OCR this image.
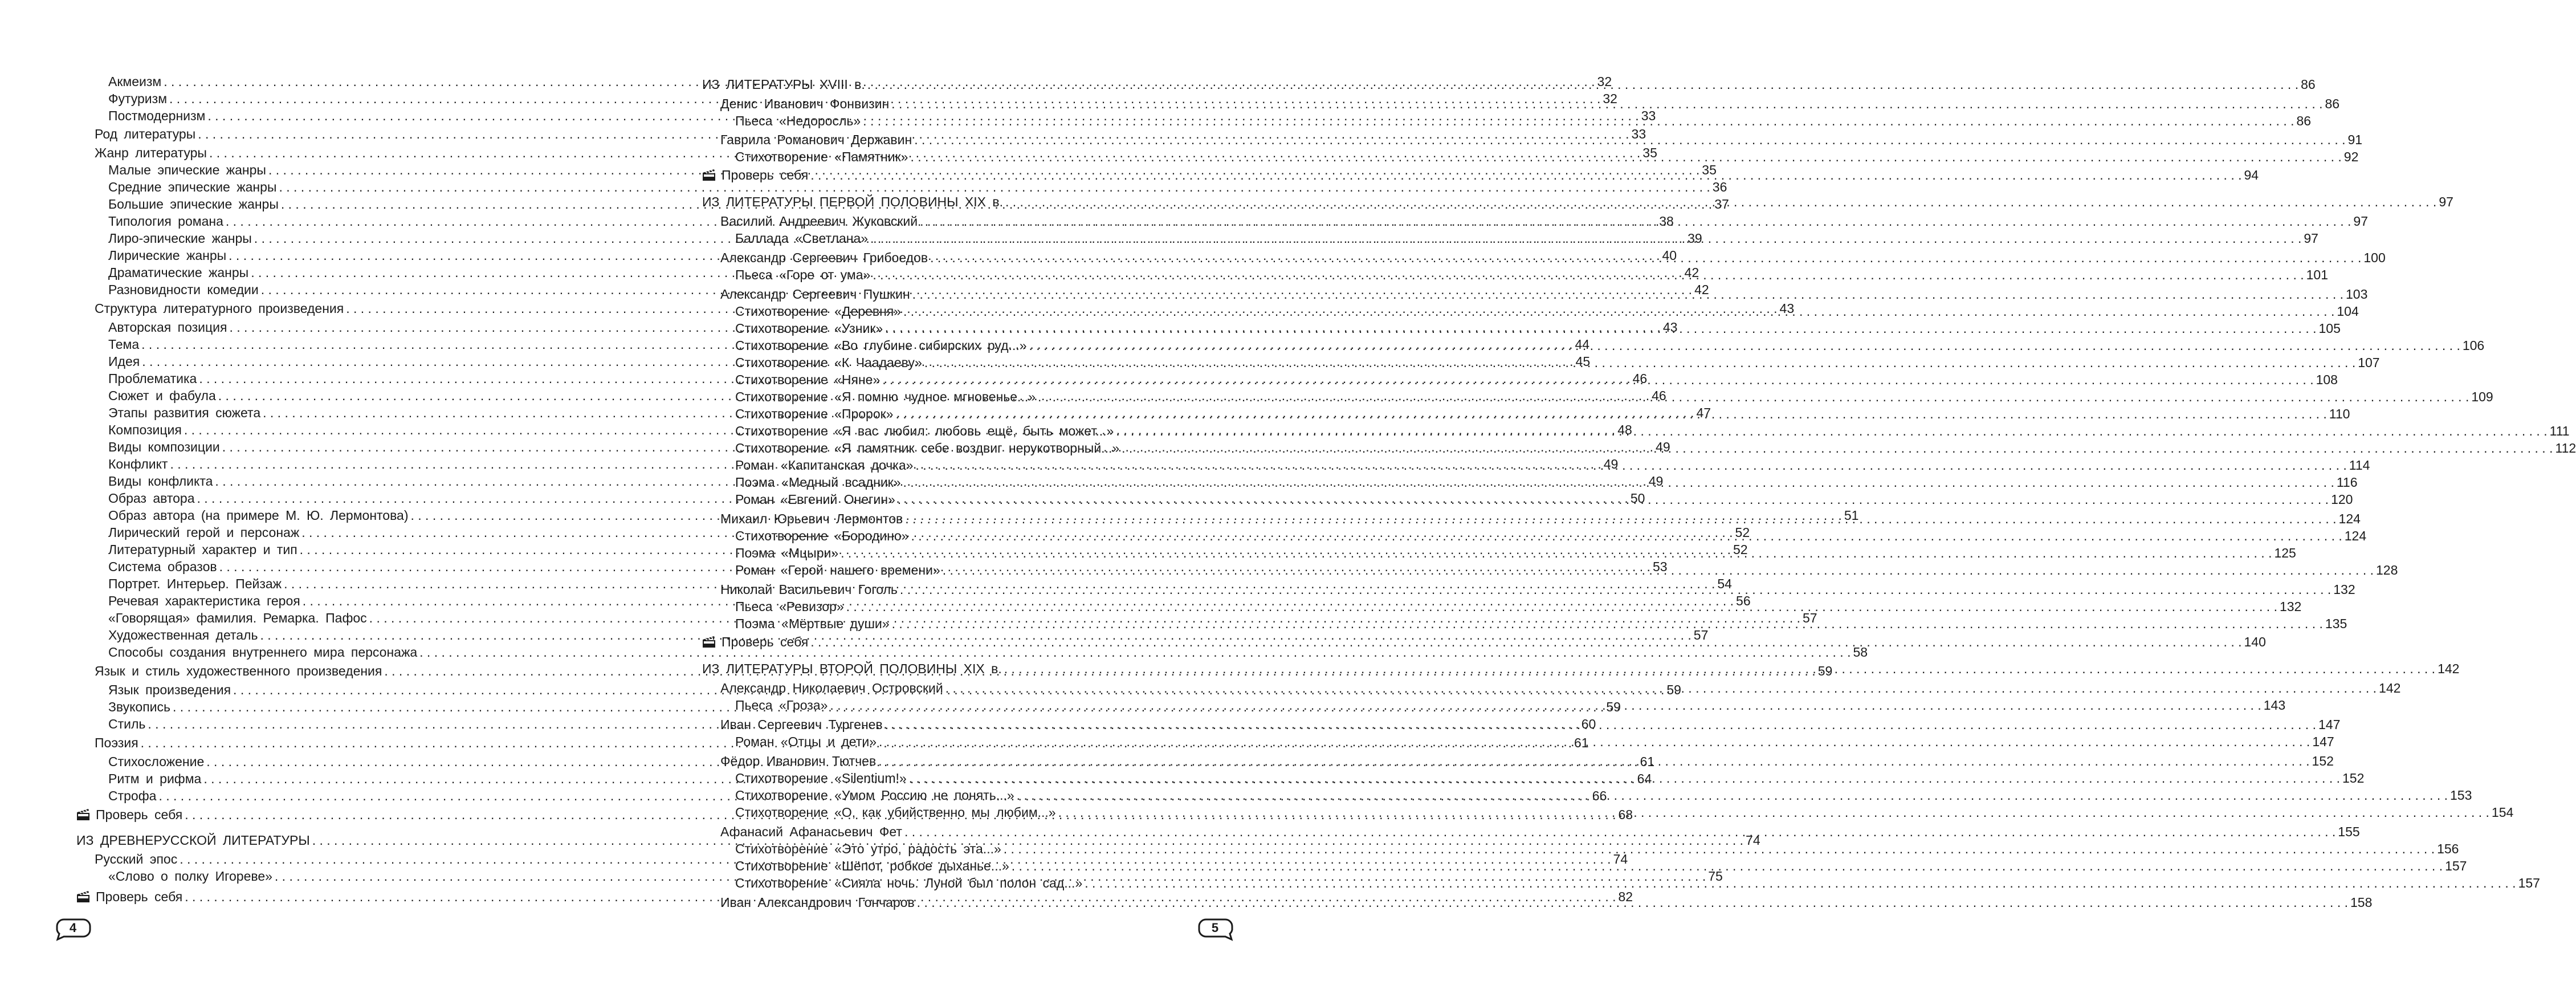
Акмеизм . . .	32
Футуризм . . .	32
Постмодернизм . . .	33
Род литературы . . .	33
Жанр литературы . . .	35
Малые эпические жанры . . .	35
Средние эпические жанры . . .	36
Большие эпические жанры . . .	37
Типология романа . . .	38
Лиро-эпические жанры . . .	39
Лирические жанры . . .	40
Драматические жанры . . .	42
Разновидности комедии . . .	42
Структура литературного произведения . . .	43
Авторская позиция . . .	43
Тема . . .	44
Идея . . .	45
Проблематика . . .	46
Сюжет и фабула . . .	46
Этапы развития сюжета . . .	47
Композиция . . .	48
Виды композиции . . .	49
Конфликт . . .	49
Виды конфликта . . .	49
Образ автора . . .	50
Образ автора (на примере М. Ю. Лермонтова) . . .	51
Лирический герой и персонаж . . .	52
Литературный характер и тип . . .	52
Система образов . . .	53
Портрет. Интерьер. Пейзаж . . .	54
Речевая характеристика героя . . .	56
«Говорящая» фамилия. Ремарка. Пафос . . .	57
Художественная деталь . . .	57
Способы создания внутреннего мира персонажа . . .	58
Язык и стиль художественного произведения . . .	59
Язык произведения . . .	59
Звукопись . . .	59
Стиль . . .	60
Поэзия . . .	61
Стихосложение . . .	61
Ритм и рифма . . .	64
Строфа . . .	66
Проверь себя . . .	68
ИЗ ДРЕВНЕРУССКОЙ ЛИТЕРАТУРЫ . . .	74
Русский эпос . . .	74
«Слово о полку Игореве» . . .	75
Проверь себя . . .	82
4
ИЗ ЛИТЕРАТУРЫ XVIII в. . . .	86
Денис Иванович Фонвизин . . .	86
Пьеса «Недоросль» . . .	86
Гаврила Романович Державин . . .	91
Стихотворение «Памятник» . . .	92
Проверь себя . . .	94
ИЗ ЛИТЕРАТУРЫ ПЕРВОЙ ПОЛОВИНЫ XIX в. . . .	97
Василий Андреевич Жуковский . . .	97
Баллада «Светлана» . . .	97
Александр Сергеевич Грибоедов . . .	100
Пьеса «Горе от ума» . . .	101
Александр Сергеевич Пушкин . . .	103
Стихотворение «Деревня» . . .	104
Стихотворение «Узник» . . .	105
Стихотворение «Во глубине сибирских руд...» . . .	106
Стихотворение «К Чаадаеву» . . .	107
Стихотворение «Няне» . . .	108
Стихотворение «Я помню чудное мгновенье...» . . .	109
Стихотворение «Пророк» . . .	110
Стихотворение «Я вас любил: любовь ещё, быть может...» . . .	111
Стихотворение «Я памятник себе воздвиг нерукотворный...» . . .	112
Роман «Капитанская дочка» . . .	114
Поэма «Медный всадник» . . .	116
Роман «Евгений Онегин» . . .	120
Михаил Юрьевич Лермонтов . . .	124
Стихотворение «Бородино» . . .	124
Поэма «Мцыри» . . .	125
Роман «Герой нашего времени» . . .	128
Николай Васильевич Гоголь . . .	132
Пьеса «Ревизор» . . .	132
Поэма «Мёртвые души» . . .	135
Проверь себя . . .	140
ИЗ ЛИТЕРАТУРЫ ВТОРОЙ ПОЛОВИНЫ XIX в. . . .	142
Александр Николаевич Островский . . .	142
Пьеса «Гроза» . . .	143
Иван Сергеевич Тургенев . . .	147
Роман «Отцы и дети» . . .	147
Фёдор Иванович Тютчев . . .	152
Стихотворение «Silentium!» . . .	152
Стихотворение «Умом Россию не понять...» . . .	153
Стихотворение «О, как убийственно мы любим...» . . .	154
Афанасий Афанасьевич Фет . . .	155
Стихотворение «Это утро, радость эта...» . . .	156
Стихотворение «Шёпот, робкое дыханье...» . . .	157
Стихотворение «Сияла ночь. Луной был полон сад...» . . .	157
Иван Александрович Гончаров . . .	158
5
